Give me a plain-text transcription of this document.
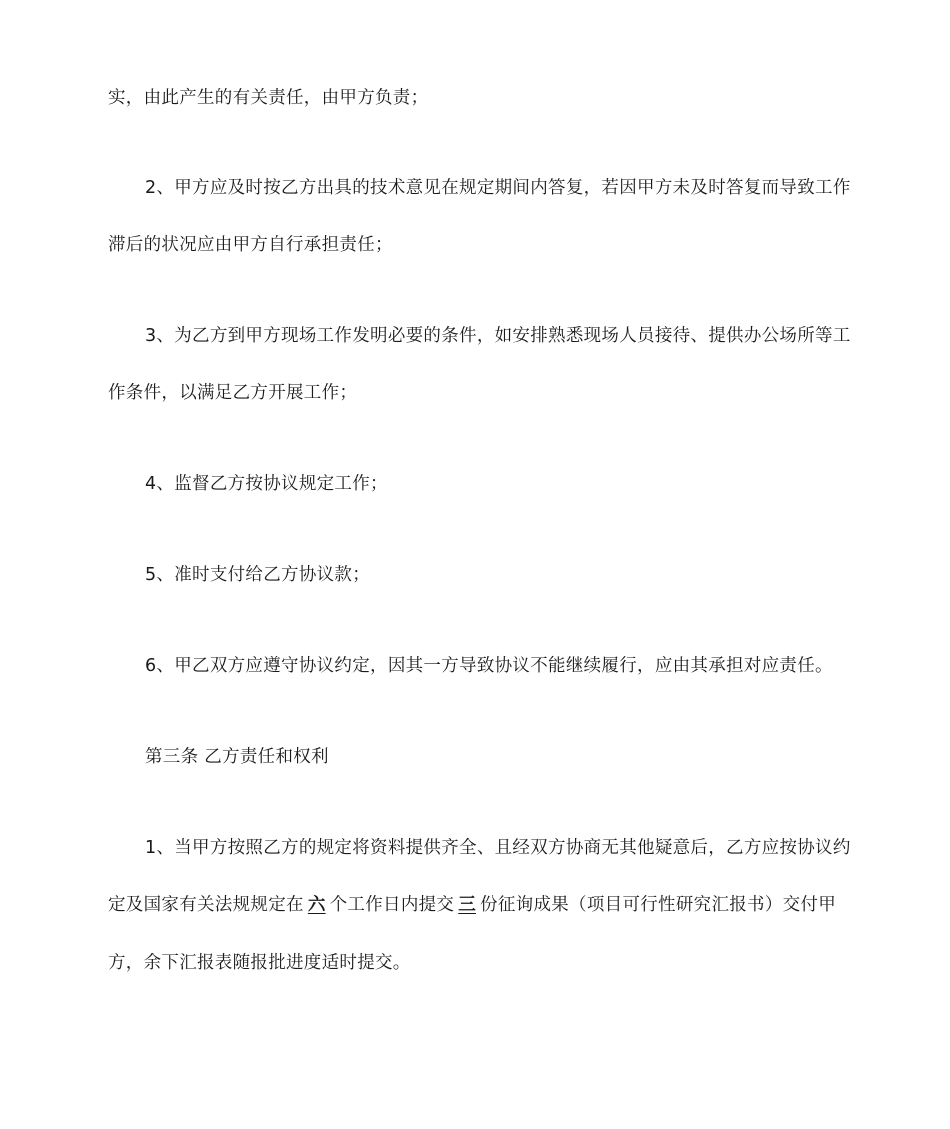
实，由此产生的有关责任，由甲方负责；
2、甲方应及时按乙方出具的技术意见在规定期间内答复，若因甲方未及时答复而导致工作
滞后的状况应由甲方自行承担责任；
3、为乙方到甲方现场工作发明必要的条件，如安排熟悉现场人员接待、提供办公场所等工
作条件，以满足乙方开展工作；
4、监督乙方按协议规定工作；
5、准时支付给乙方协议款；
6、甲乙双方应遵守协议约定，因其一方导致协议不能继续履行，应由其承担对应责任。
第三条 乙方责任和权利
1、当甲方按照乙方的规定将资料提供齐全、且经双方协商无其他疑意后，乙方应按协议约
定及国家有关法规规定在 六 个工作日内提交 三 份征询成果（项目可行性研究汇报书）交付甲
方，余下汇报表随报批进度适时提交。
